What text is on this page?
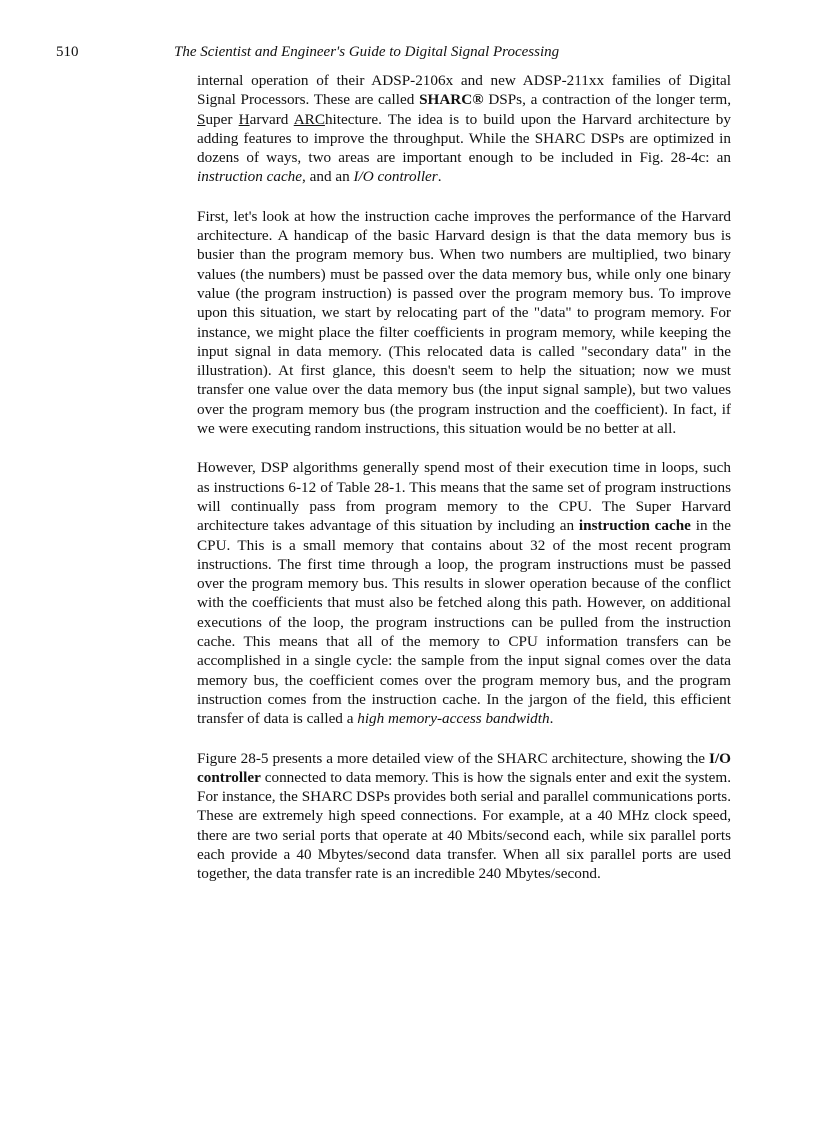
510	The Scientist and Engineer's Guide to Digital Signal Processing

internal operation of their ADSP-2106x and new ADSP-211xx families of Digital Signal Processors. These are called SHARC® DSPs, a contraction of the longer term, Super Harvard ARChitecture. The idea is to build upon the Harvard architecture by adding features to improve the throughput. While the SHARC DSPs are optimized in dozens of ways, two areas are important enough to be included in Fig. 28-4c: an instruction cache, and an I/O controller.

First, let's look at how the instruction cache improves the performance of the Harvard architecture. A handicap of the basic Harvard design is that the data memory bus is busier than the program memory bus. When two numbers are multiplied, two binary values (the numbers) must be passed over the data memory bus, while only one binary value (the program instruction) is passed over the program memory bus. To improve upon this situation, we start by relocating part of the "data" to program memory. For instance, we might place the filter coefficients in program memory, while keeping the input signal in data memory. (This relocated data is called "secondary data" in the illustration). At first glance, this doesn't seem to help the situation; now we must transfer one value over the data memory bus (the input signal sample), but two values over the program memory bus (the program instruction and the coefficient). In fact, if we were executing random instructions, this situation would be no better at all.

However, DSP algorithms generally spend most of their execution time in loops, such as instructions 6-12 of Table 28-1. This means that the same set of program instructions will continually pass from program memory to the CPU. The Super Harvard architecture takes advantage of this situation by including an instruction cache in the CPU. This is a small memory that contains about 32 of the most recent program instructions. The first time through a loop, the program instructions must be passed over the program memory bus. This results in slower operation because of the conflict with the coefficients that must also be fetched along this path. However, on additional executions of the loop, the program instructions can be pulled from the instruction cache. This means that all of the memory to CPU information transfers can be accomplished in a single cycle: the sample from the input signal comes over the data memory bus, the coefficient comes over the program memory bus, and the program instruction comes from the instruction cache. In the jargon of the field, this efficient transfer of data is called a high memory-access bandwidth.

Figure 28-5 presents a more detailed view of the SHARC architecture, showing the I/O controller connected to data memory. This is how the signals enter and exit the system. For instance, the SHARC DSPs provides both serial and parallel communications ports. These are extremely high speed connections. For example, at a 40 MHz clock speed, there are two serial ports that operate at 40 Mbits/second each, while six parallel ports each provide a 40 Mbytes/second data transfer. When all six parallel ports are used together, the data transfer rate is an incredible 240 Mbytes/second.
